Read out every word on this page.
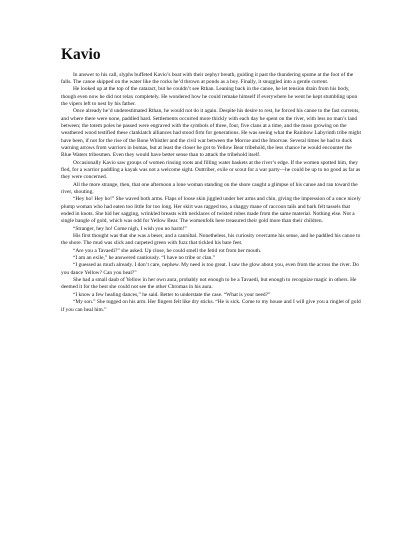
Kavio

In answer to his call, slyphs buffeted Kavio’s boat with their zephyr breath, guiding it past the thundering spume at the foot of the falls. The canoe skipped on the water like the rocks he’d thrown at ponds as a boy. Finally, it snuggled into a gentle current.

He looked up at the top of the cataract, but he couldn’t see Rthan. Leaning back in the canoe, he let tension drain from his body, though even now he did not relax completely. He wondered how he could remake himself if everywhere he went he kept stumbling upon the vipers left to nest by his father.

Once already he’d underestimated Rthan, he would not do it again. Despite his desire to rest, he forced his canoe to the fast currents, and where there were none, paddled hard. Settlements occurred more thickly with each day he spent on the river, with less no man’s land between; the totem poles he passed were engraved with the symbols of three, four, five clans at a time, and the moss growing on the weathered wood testified these clanklatch alliances had stood firm for generations. He was seeing what the Rainbow Labyrinth tribe might have been, if not for the rise of the Bone Whistler and the civil war between the Morcse and the Imorvae. Several times he had to duck warning arrows from warriors in bomas, but at least the closer he got to Yellow Bear tribehold, the less chance he would encounter the Blue Waters tribesmen. Even they would have better sense than to attack the tribehold itself.

Occasionally Kavio saw groups of women rinsing roots and filling water baskets at the river’s edge. If the women spotted him, they fled, for a warrior paddling a kayak was not a welcome sight. Outtriber, exile or scout for a war party—he could be up to no good as far as they were concerned.

All the more strange, then, that one afternoon a lone woman standing on the shore caught a glimpse of his canoe and ran toward the river, shouting.

“Hey ho! Hey ho!” She waved both arms. Flaps of loose skin jiggled under her arms and chin, giving the impression of a once nicely plump woman who had eaten too little for too long. Her skirt was ragged too, a shaggy mane of raccoon tails and bark felt tassels that ended in knots. She hid her sagging, wrinkled breasts with necklaces of twisted robes made from the same material. Nothing else. Not a single bangle of gold, which was odd for Yellow Bear. The womenfolk here treasured their gold more than their children.

“Stranger, hey ho! Come nigh, I wish you no harm!”

His first thought was that she was a beser, and a cannibal. Nonetheless, his curiosity overcame his sense, and he paddled his canoe to the shore. The mud was slick and carpeted green with fuzz that tickled his bare feet.

“Are you a Tavaedi?” she asked. Up close, he could smell the fetid rot from her mouth.

“I am an exile,” he answered cautiously. “I have no tribe or clan.”

“I guessed as much already. I don’t care, nephew. My need is too great. I saw the glow about you, even from the across the river. Do you dance Yellow? Can you heal?”

She had a small daub of Yellow in her own aura, probably not enough to be a Tavaedi, but enough to recognize magic in others. He deemed it for the best she could not see the other Chromas in his aura.

“I know a few healing dances,” he said. Better to understate the case. “What is your need?”

“My son.” She tugged on his arm. Her fingers felt like dry sticks. “He is sick. Come to my house and I will give you a ringlet of gold if you can heal him.”
